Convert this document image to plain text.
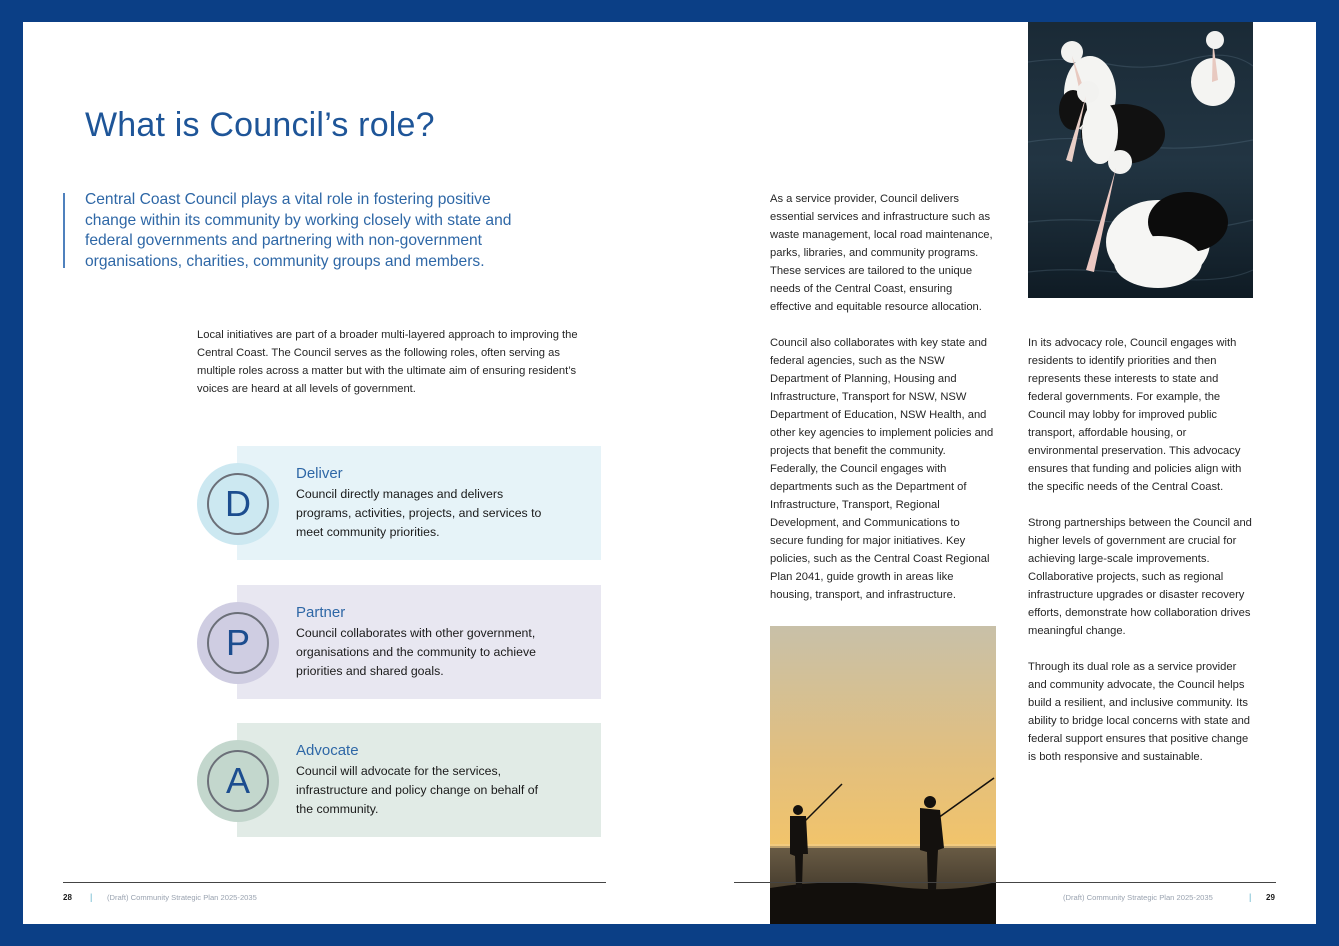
What is Council’s role?
Central Coast Council plays a vital role in fostering positive change within its community by working closely with state and federal governments and partnering with non-government organisations, charities, community groups and members.
Local initiatives are part of a broader multi-layered approach to improving the Central Coast. The Council serves as the following roles, often serving as multiple roles across a matter but with the ultimate aim of ensuring resident’s voices are heard at all levels of government.
D
Deliver
Council directly manages and delivers programs, activities, projects, and services to meet community priorities.
P
Partner
Council collaborates with other government, organisations and the community to achieve priorities and shared goals.
A
Advocate
Council will advocate for the services, infrastructure and policy change on behalf of the community.
28 | (Draft) Community Strategic Plan 2025-2035
As a service provider, Council delivers essential services and infrastructure such as waste management, local road maintenance, parks, libraries, and community programs. These services are tailored to the unique needs of the Central Coast, ensuring effective and equitable resource allocation.
Council also collaborates with key state and federal agencies, such as the NSW Department of Planning, Housing and Infrastructure, Transport for NSW, NSW Department of Education, NSW Health, and other key agencies to implement policies and projects that benefit the community. Federally, the Council engages with departments such as the Department of Infrastructure, Transport, Regional Development, and Communications to secure funding for major initiatives. Key policies, such as the Central Coast Regional Plan 2041, guide growth in areas like housing, transport, and infrastructure.
In its advocacy role, Council engages with residents to identify priorities and then represents these interests to state and federal governments. For example, the Council may lobby for improved public transport, affordable housing, or environmental preservation. This advocacy ensures that funding and policies align with the specific needs of the Central Coast.
Strong partnerships between the Council and higher levels of government are crucial for achieving large-scale improvements. Collaborative projects, such as regional infrastructure upgrades or disaster recovery efforts, demonstrate how collaboration drives meaningful change.
Through its dual role as a service provider and community advocate, the Council helps build a resilient, and inclusive community. Its ability to bridge local concerns with state and federal support ensures that positive change is both responsive and sustainable.
(Draft) Community Strategic Plan 2025-2035	| 29
